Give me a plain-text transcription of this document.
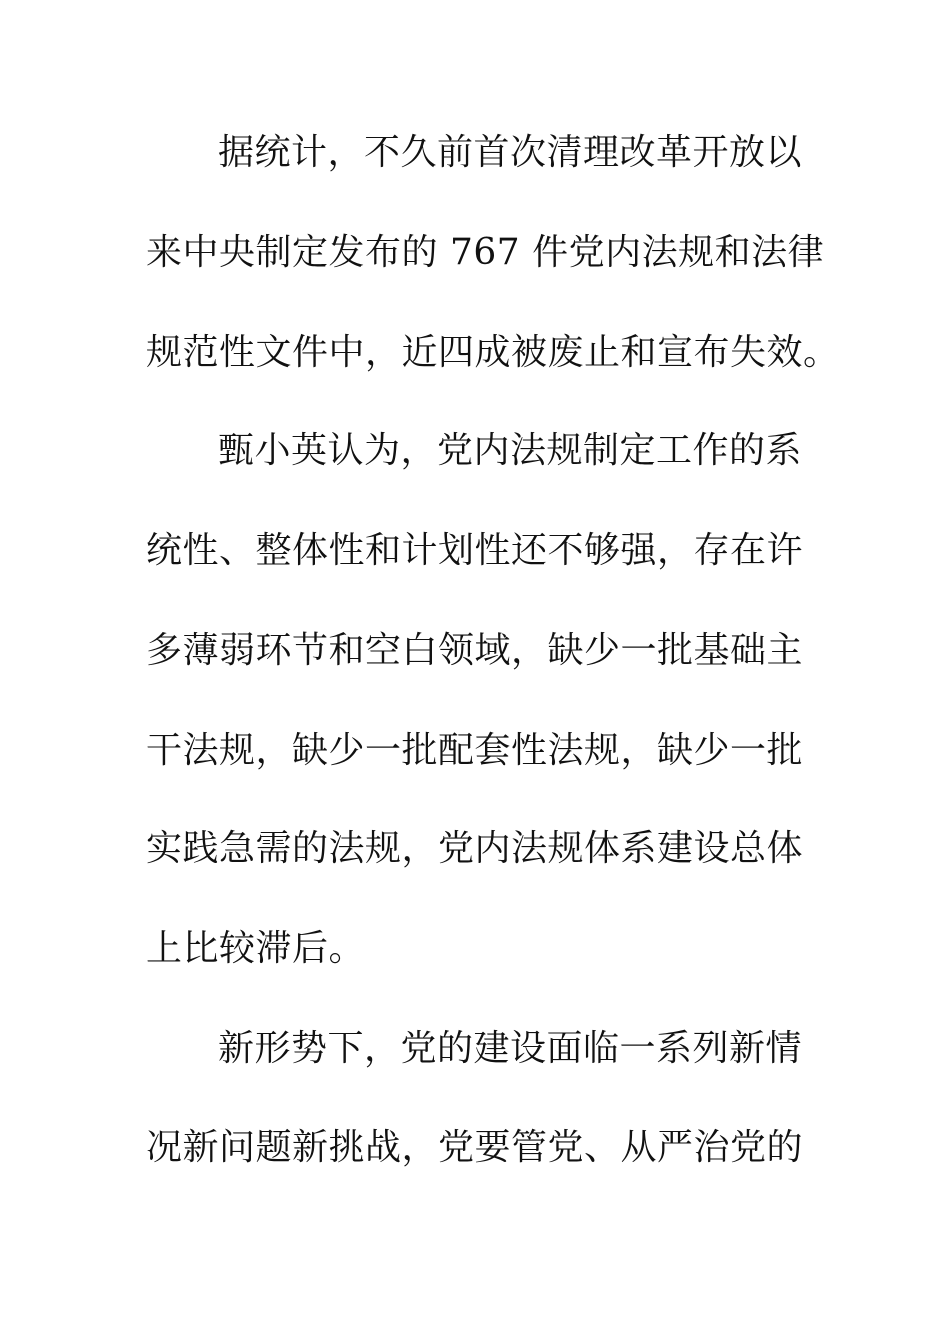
据统计，不久前首次清理改革开放以
来中央制定发布的 767 件党内法规和法律
规范性文件中，近四成被废止和宣布失效。
甄小英认为，党内法规制定工作的系
统性、整体性和计划性还不够强，存在许
多薄弱环节和空白领域，缺少一批基础主
干法规，缺少一批配套性法规，缺少一批
实践急需的法规，党内法规体系建设总体
上比较滞后。
新形势下，党的建设面临一系列新情
况新问题新挑战，党要管党、从严治党的
